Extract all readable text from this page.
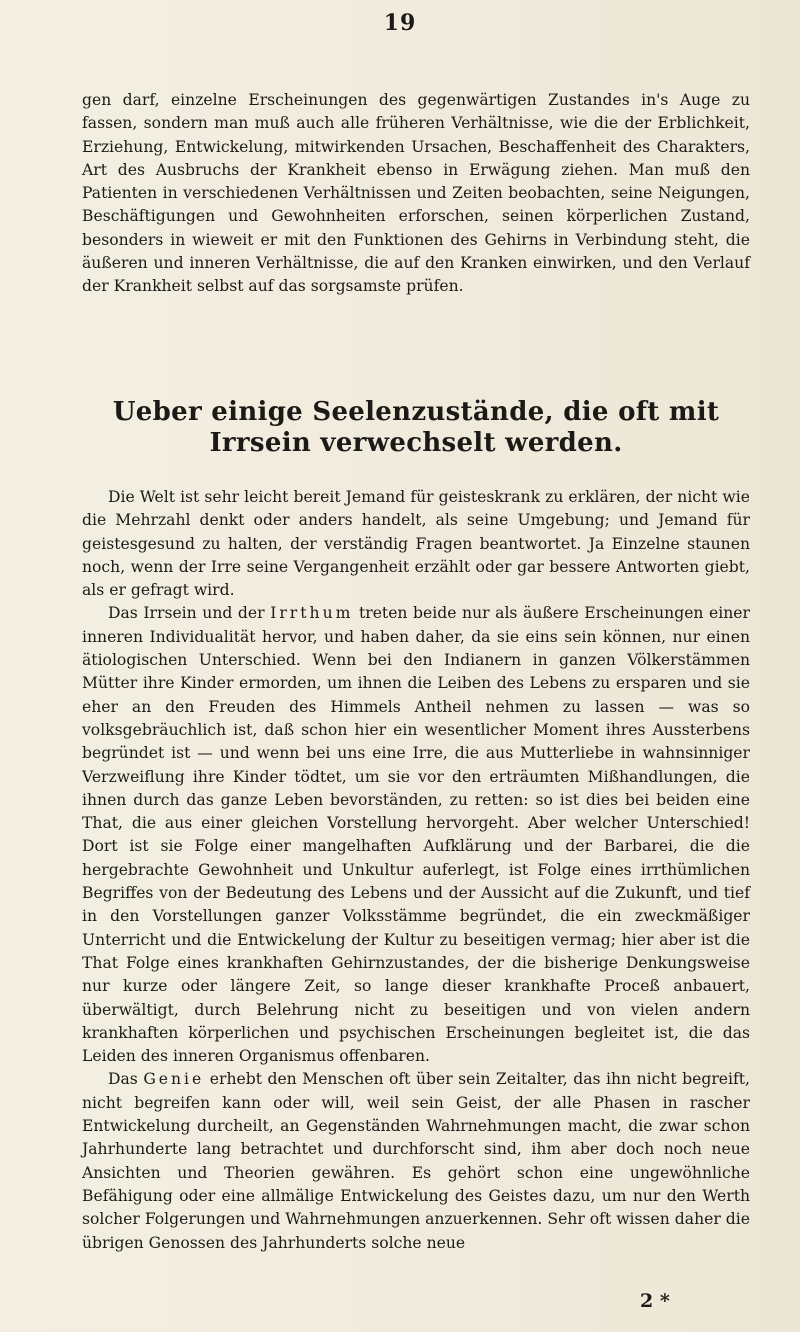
19

gen darf, einzelne Erscheinungen des gegenwärtigen Zustandes in's Auge zu fassen, sondern man muß auch alle früheren Verhältnisse, wie die der Erblichkeit, Erziehung, Entwickelung, mitwirkenden Ursachen, Beschaffenheit des Charakters, Art des Ausbruchs der Krankheit ebenso in Erwägung ziehen. Man muß den Patienten in verschiedenen Verhältnissen und Zeiten beobachten, seine Neigungen, Beschäftigungen und Gewohnheiten erforschen, seinen körperlichen Zustand, besonders in wieweit er mit den Funktionen des Gehirns in Verbindung steht, die äußeren und inneren Verhältnisse, die auf den Kranken einwirken, und den Verlauf der Krankheit selbst auf das sorgsamste prüfen.

Ueber einige Seelenzustände, die oft mit Irrsein verwechselt werden.

Die Welt ist sehr leicht bereit Jemand für geisteskrank zu erklären, der nicht wie die Mehrzahl denkt oder anders handelt, als seine Umgebung; und Jemand für geistesgesund zu halten, der verständig Fragen beantwortet. Ja Einzelne staunen noch, wenn der Irre seine Vergangenheit erzählt oder gar bessere Antworten giebt, als er gefragt wird.

Das Irrsein und der Irrthum treten beide nur als äußere Erscheinungen einer inneren Individualität hervor, und haben daher, da sie eins sein können, nur einen ätiologischen Unterschied. Wenn bei den Indianern in ganzen Völkerstämmen Mütter ihre Kinder ermorden, um ihnen die Leiben des Lebens zu ersparen und sie eher an den Freuden des Himmels Antheil nehmen zu lassen — was so volksgebräuchlich ist, daß schon hier ein wesentlicher Moment ihres Aussterbens begründet ist — und wenn bei uns eine Irre, die aus Mutterliebe in wahnsinniger Verzweiflung ihre Kinder tödtet, um sie vor den erträumten Mißhandlungen, die ihnen durch das ganze Leben bevorständen, zu retten: so ist dies bei beiden eine That, die aus einer gleichen Vorstellung hervorgeht. Aber welcher Unterschied! Dort ist sie Folge einer mangelhaften Aufklärung und der Barbarei, die die hergebrachte Gewohnheit und Unkultur auferlegt, ist Folge eines irrthümlichen Begriffes von der Bedeutung des Lebens und der Aussicht auf die Zukunft, und tief in den Vorstellungen ganzer Volksstämme begründet, die ein zweckmäßiger Unterricht und die Entwickelung der Kultur zu beseitigen vermag; hier aber ist die That Folge eines krankhaften Gehirnzustandes, der die bisherige Denkungsweise nur kurze oder längere Zeit, so lange dieser krankhafte Proceß anbauert, überwältigt, durch Belehrung nicht zu beseitigen und von vielen andern krankhaften körperlichen und psychischen Erscheinungen begleitet ist, die das Leiden des inneren Organismus offenbaren.

Das Genie erhebt den Menschen oft über sein Zeitalter, das ihn nicht begreift, nicht begreifen kann oder will, weil sein Geist, der alle Phasen in rascher Entwickelung durcheilt, an Gegenständen Wahrnehmungen macht, die zwar schon Jahrhunderte lang betrachtet und durchforscht sind, ihm aber doch noch neue Ansichten und Theorien gewähren. Es gehört schon eine ungewöhnliche Befähigung oder eine allmälige Entwickelung des Geistes dazu, um nur den Werth solcher Folgerungen und Wahrnehmungen anzuerkennen. Sehr oft wissen daher die übrigen Genossen des Jahrhunderts solche neue

2 *
